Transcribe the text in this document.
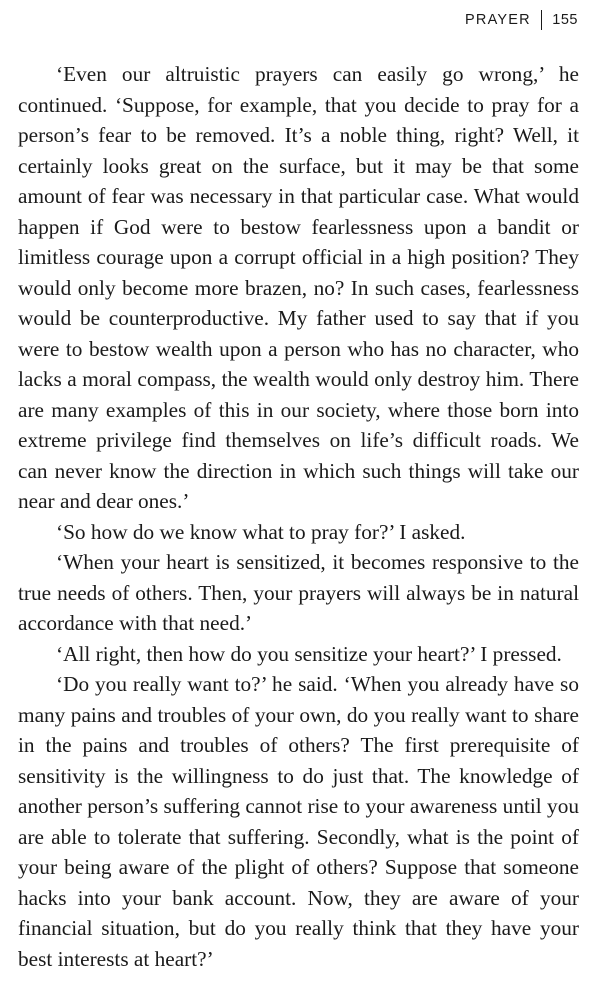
PRAYER 155

‘Even our altruistic prayers can easily go wrong,’ he continued. ‘Suppose, for example, that you decide to pray for a person’s fear to be removed. It’s a noble thing, right? Well, it certainly looks great on the surface, but it may be that some amount of fear was necessary in that particular case. What would happen if God were to bestow fearlessness upon a bandit or limitless courage upon a corrupt official in a high position? They would only become more brazen, no? In such cases, fearlessness would be counterproductive. My father used to say that if you were to bestow wealth upon a person who has no character, who lacks a moral compass, the wealth would only destroy him. There are many examples of this in our society, where those born into extreme privilege find themselves on life’s difficult roads. We can never know the direction in which such things will take our near and dear ones.’

‘So how do we know what to pray for?’ I asked.

‘When your heart is sensitized, it becomes responsive to the true needs of others. Then, your prayers will always be in natural accordance with that need.’

‘All right, then how do you sensitize your heart?’ I pressed.

‘Do you really want to?’ he said. ‘When you already have so many pains and troubles of your own, do you really want to share in the pains and troubles of others? The first prerequisite of sensitivity is the willingness to do just that. The knowledge of another person’s suffering cannot rise to your awareness until you are able to tolerate that suffering. Secondly, what is the point of your being aware of the plight of others? Suppose that someone hacks into your bank account. Now, they are aware of your financial situation, but do you really think that they have your best interests at heart?’
